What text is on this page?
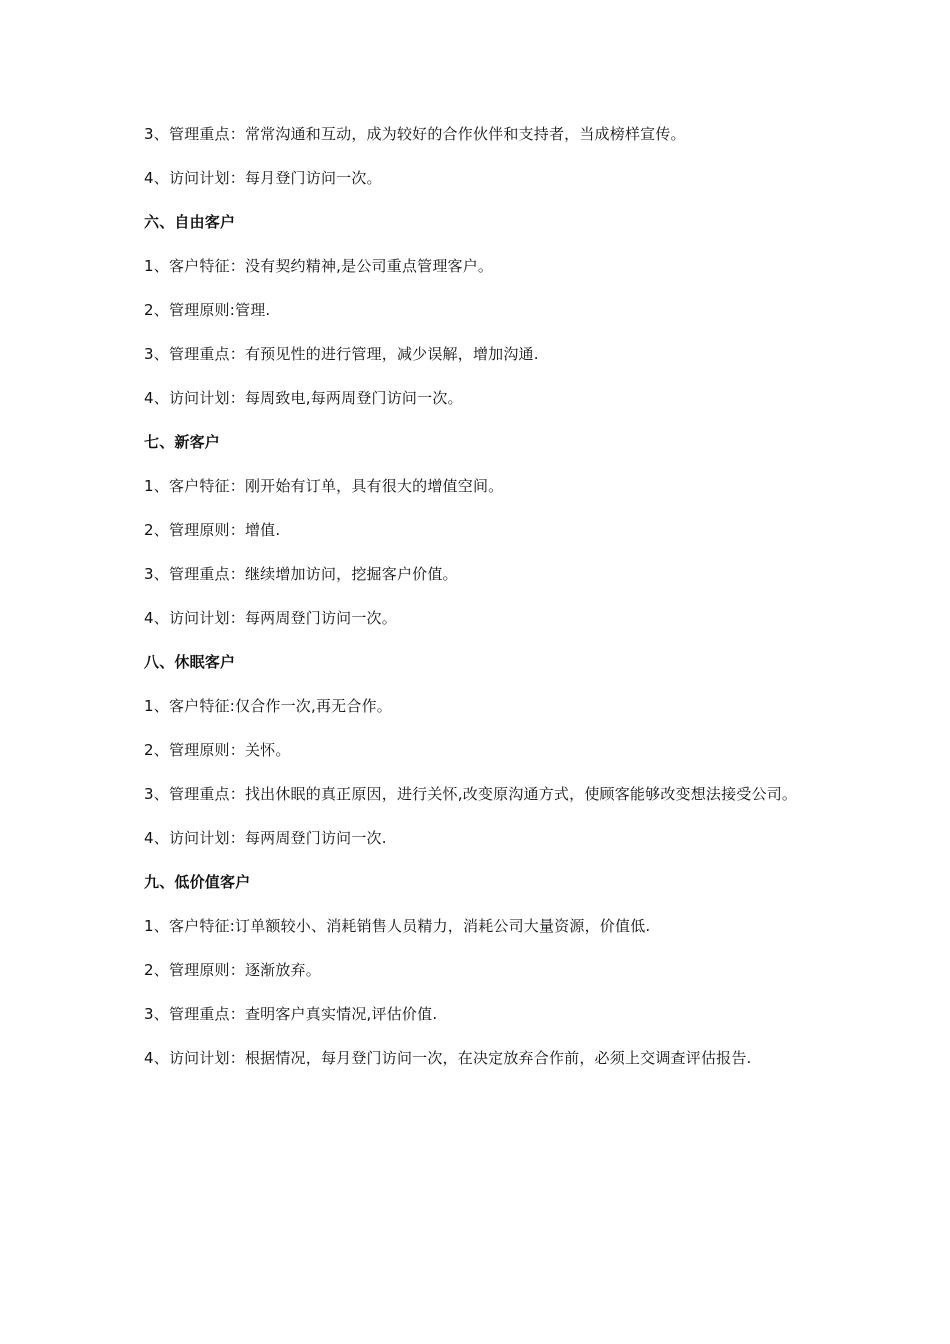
3、管理重点：常常沟通和互动，成为较好的合作伙伴和支持者，当成榜样宣传。

4、访问计划：每月登门访问一次。

六、自由客户

1、客户特征：没有契约精神,是公司重点管理客户。

2、管理原则:管理.

3、管理重点：有预见性的进行管理，减少误解，增加沟通.

4、访问计划：每周致电,每两周登门访问一次。

七、新客户

1、客户特征：刚开始有订单，具有很大的增值空间。

2、管理原则：增值.

3、管理重点：继续增加访问，挖掘客户价值。

4、访问计划：每两周登门访问一次。

八、休眠客户

1、客户特征:仅合作一次,再无合作。

2、管理原则：关怀。

3、管理重点：找出休眠的真正原因，进行关怀,改变原沟通方式，使顾客能够改变想法接受公司。

4、访问计划：每两周登门访问一次.

九、低价值客户

1、客户特征:订单额较小、消耗销售人员精力，消耗公司大量资源，价值低.

2、管理原则：逐渐放弃。

3、管理重点：查明客户真实情况,评估价值.

4、访问计划：根据情况，每月登门访问一次，在决定放弃合作前，必须上交调查评估报告.
